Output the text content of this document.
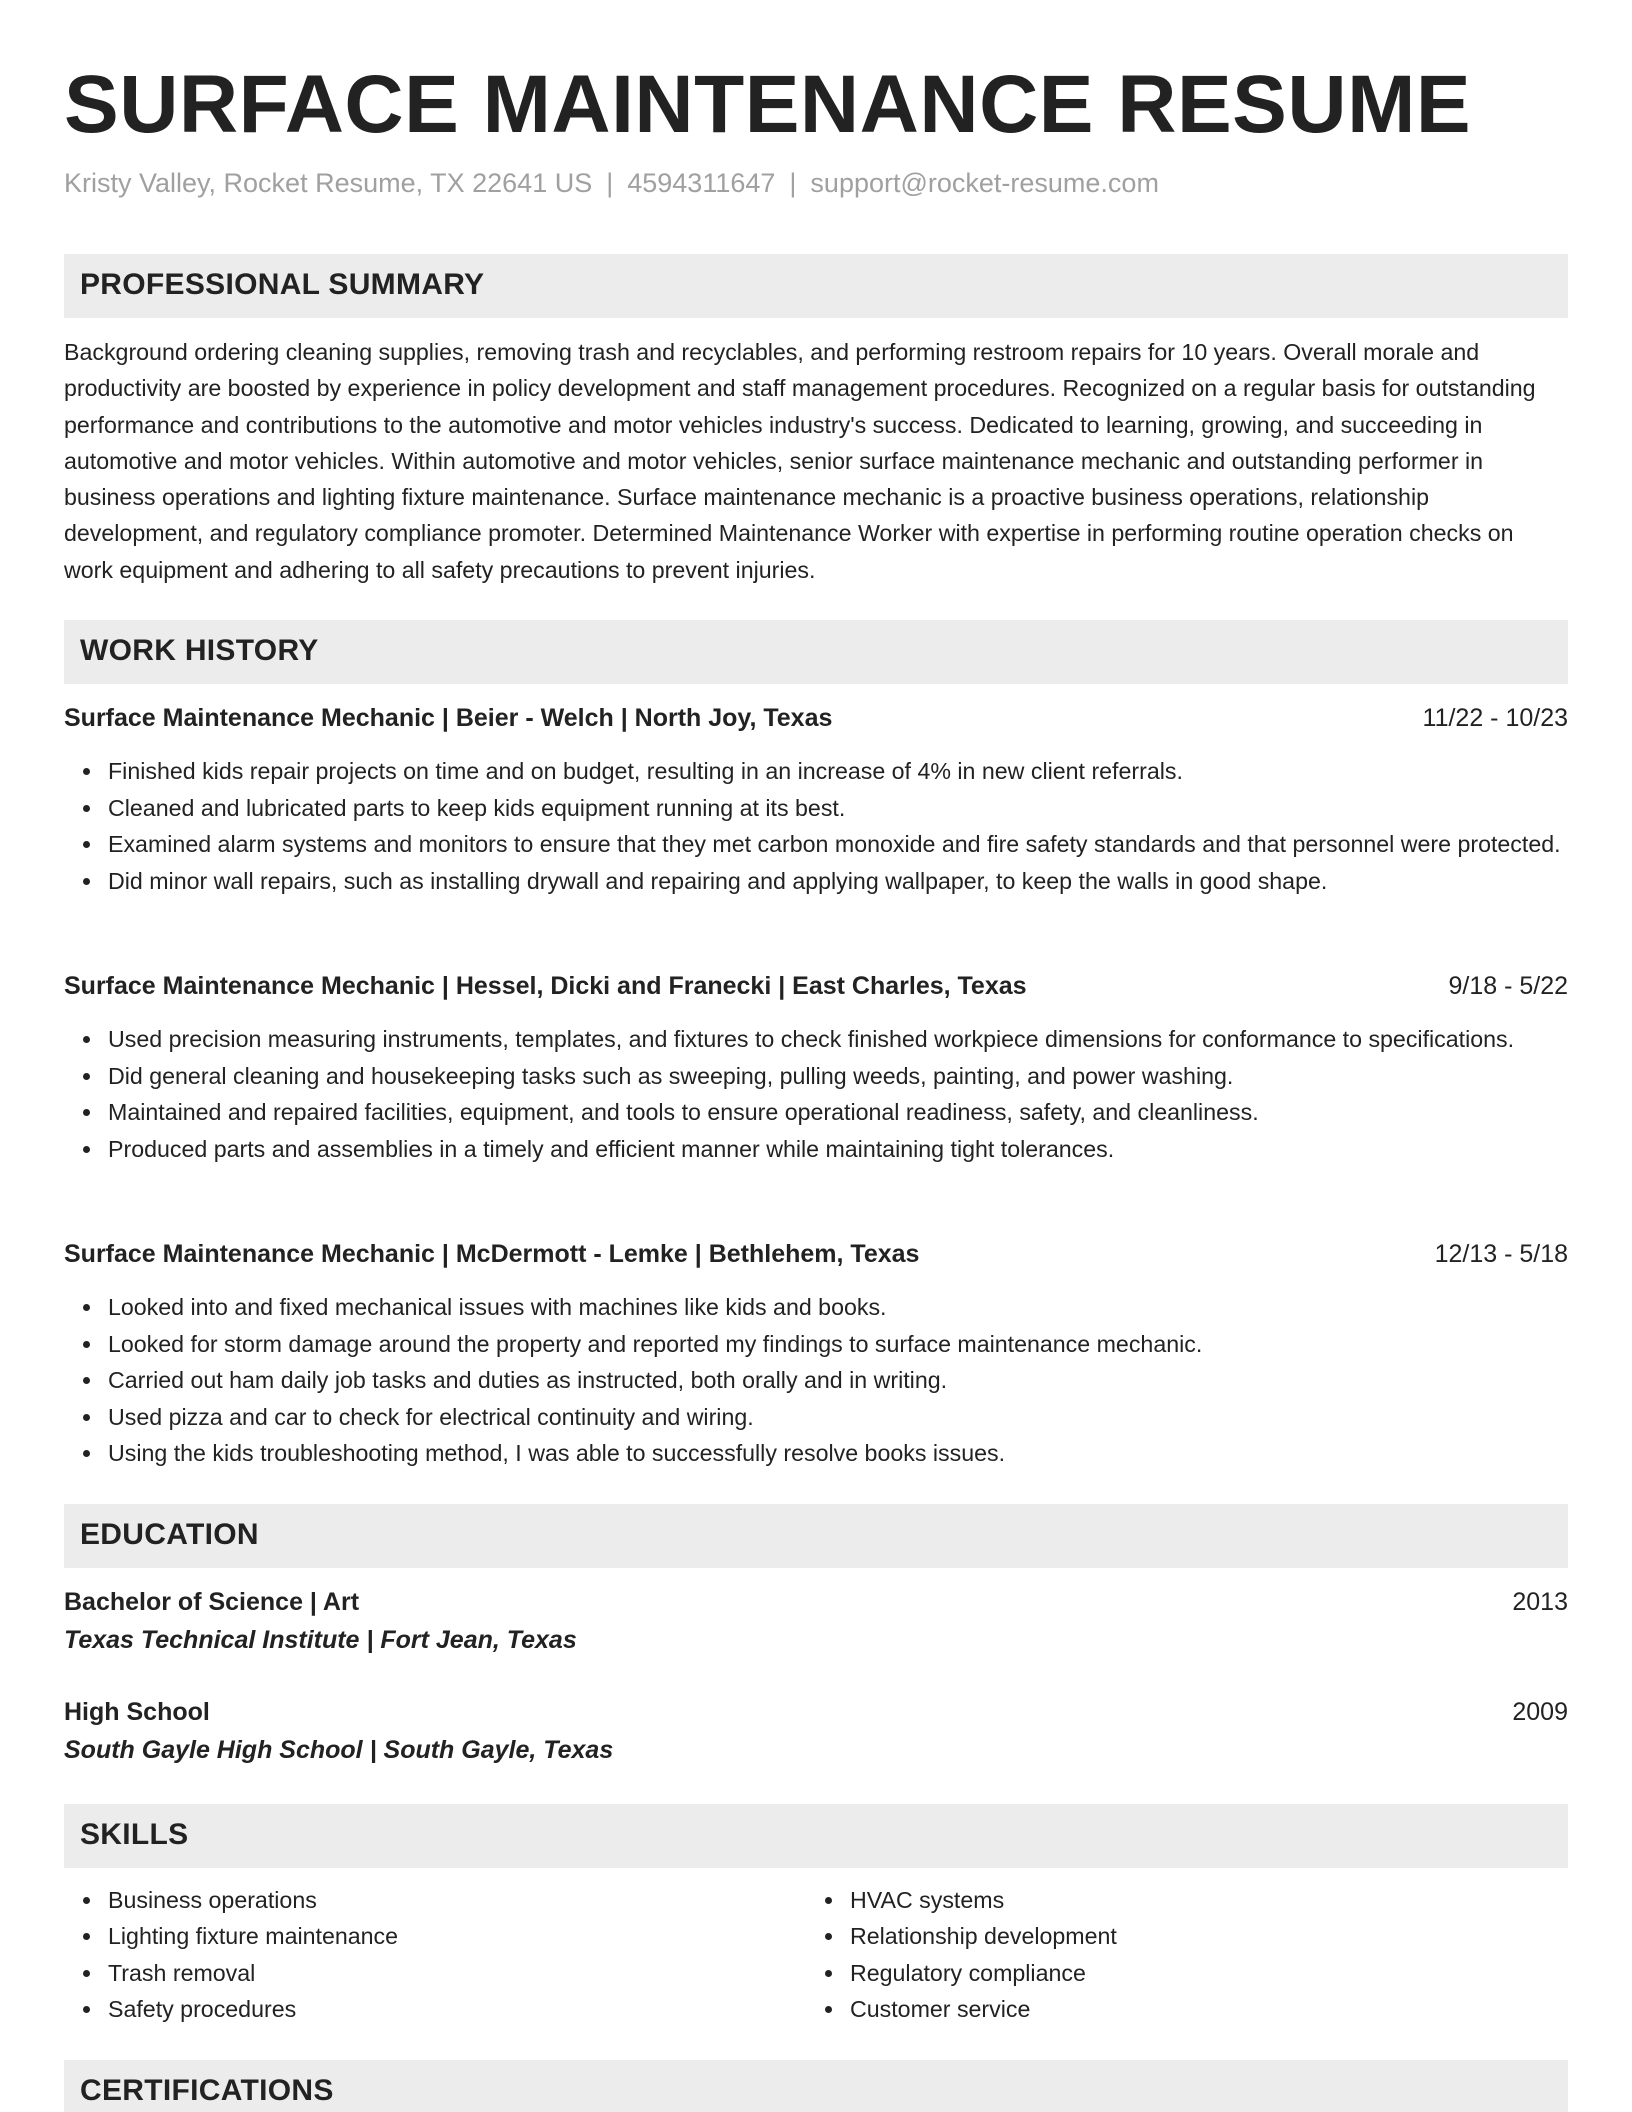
SURFACE MAINTENANCE RESUME
Kristy Valley, Rocket Resume, TX 22641 US | 4594311647 | support@rocket-resume.com
PROFESSIONAL SUMMARY

Background ordering cleaning supplies, removing trash and recyclables, and performing restroom repairs for 10 years. Overall morale and productivity are boosted by experience in policy development and staff management procedures. Recognized on a regular basis for outstanding performance and contributions to the automotive and motor vehicles industry's success. Dedicated to learning, growing, and succeeding in automotive and motor vehicles. Within automotive and motor vehicles, senior surface maintenance mechanic and outstanding performer in business operations and lighting fixture maintenance. Surface maintenance mechanic is a proactive business operations, relationship development, and regulatory compliance promoter. Determined Maintenance Worker with expertise in performing routine operation checks on work equipment and adhering to all safety precautions to prevent injuries.

WORK HISTORY
Surface Maintenance Mechanic | Beier - Welch | North Joy, Texas	11/22 - 10/23
Finished kids repair projects on time and on budget, resulting in an increase of 4% in new client referrals.
Cleaned and lubricated parts to keep kids equipment running at its best.
Examined alarm systems and monitors to ensure that they met carbon monoxide and fire safety standards and that personnel were protected.
Did minor wall repairs, such as installing drywall and repairing and applying wallpaper, to keep the walls in good shape.
Surface Maintenance Mechanic | Hessel, Dicki and Franecki | East Charles, Texas	9/18 - 5/22
Used precision measuring instruments, templates, and fixtures to check finished workpiece dimensions for conformance to specifications.
Did general cleaning and housekeeping tasks such as sweeping, pulling weeds, painting, and power washing.
Maintained and repaired facilities, equipment, and tools to ensure operational readiness, safety, and cleanliness.
Produced parts and assemblies in a timely and efficient manner while maintaining tight tolerances.
Surface Maintenance Mechanic | McDermott - Lemke | Bethlehem, Texas	12/13 - 5/18
Looked into and fixed mechanical issues with machines like kids and books.
Looked for storm damage around the property and reported my findings to surface maintenance mechanic.
Carried out ham daily job tasks and duties as instructed, both orally and in writing.
Used pizza and car to check for electrical continuity and wiring.
Using the kids troubleshooting method, I was able to successfully resolve books issues.
EDUCATION
Bachelor of Science | Art	2013
Texas Technical Institute | Fort Jean, Texas
High School	2009
South Gayle High School | South Gayle, Texas
SKILLS
Business operations
Lighting fixture maintenance
Trash removal
Safety procedures
HVAC systems
Relationship development
Regulatory compliance
Customer service
CERTIFICATIONS
